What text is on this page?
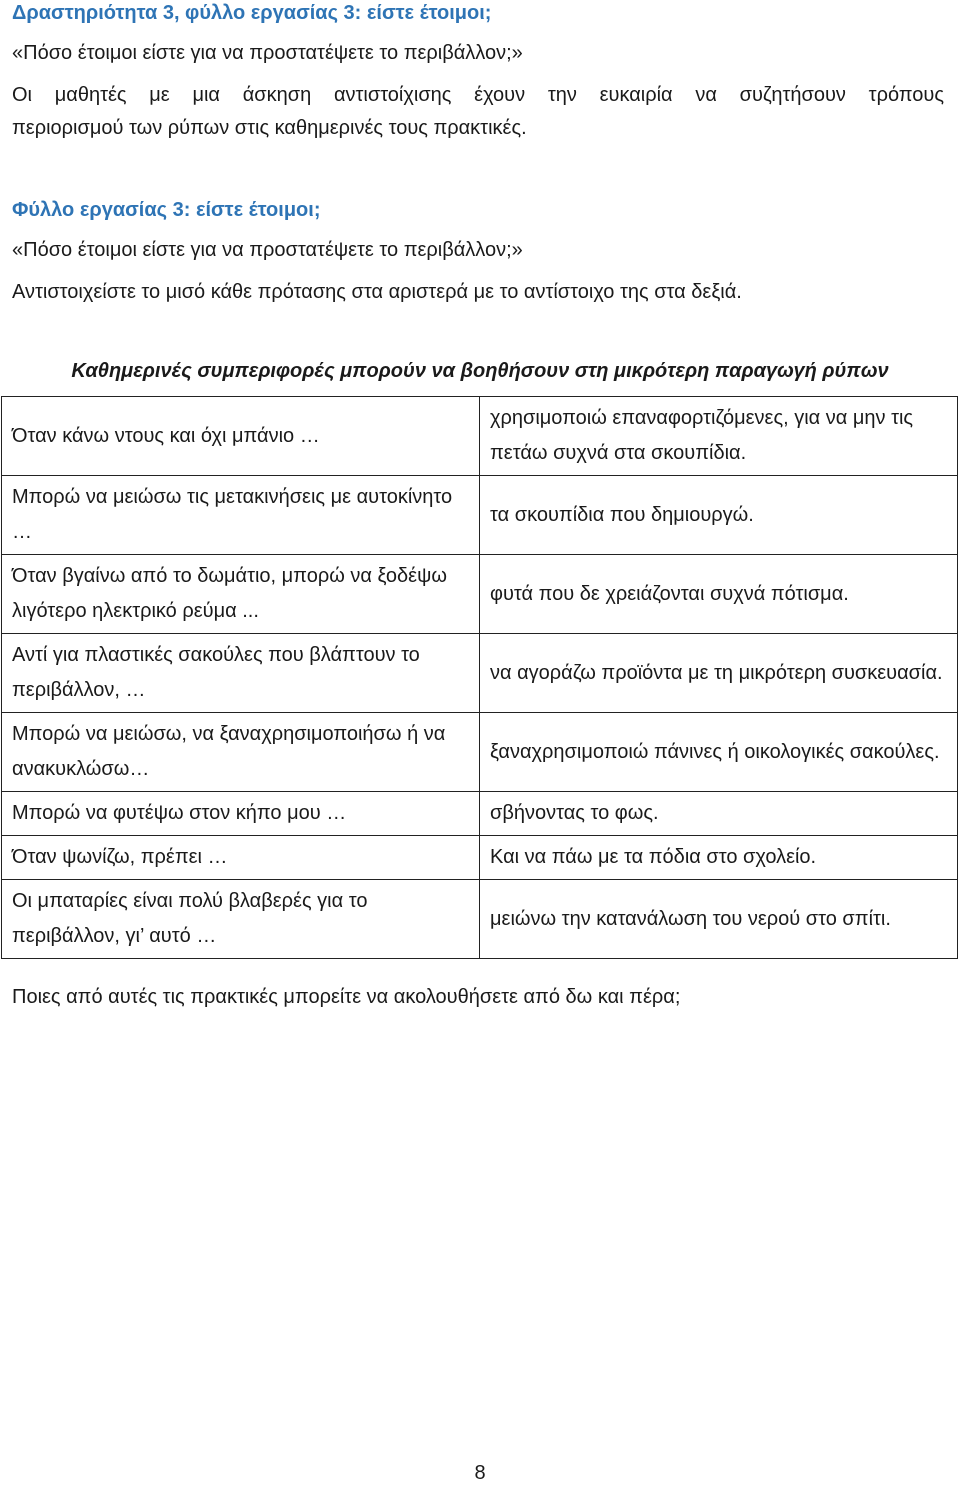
Δραστηριότητα 3, φύλλο εργασίας 3: είστε έτοιμοι;
«Πόσο έτοιμοι είστε για να προστατέψετε το περιβάλλον;»
Οι μαθητές με μια άσκηση αντιστοίχισης έχουν την ευκαιρία να συζητήσουν τρόπους
περιορισμού των ρύπων στις καθημερινές τους πρακτικές.
Φύλλο εργασίας 3: είστε έτοιμοι;
«Πόσο έτοιμοι είστε για να προστατέψετε το περιβάλλον;»
Αντιστοιχείστε το μισό κάθε πρότασης στα αριστερά με το αντίστοιχο της στα δεξιά.
Καθημερινές συμπεριφορές μπορούν να βοηθήσουν στη μικρότερη παραγωγή ρύπων
Όταν κάνω ντους και όχι μπάνιο …	χρησιμοποιώ επαναφορτιζόμενες, για να μην τις πετάω συχνά στα σκουπίδια.
Μπορώ να μειώσω τις μετακινήσεις με αυτοκίνητο …	τα σκουπίδια που δημιουργώ.
Όταν βγαίνω από το δωμάτιο, μπορώ να ξοδέψω λιγότερο ηλεκτρικό ρεύμα ...	φυτά που δε χρειάζονται συχνά πότισμα.
Αντί για πλαστικές σακούλες που βλάπτουν το περιβάλλον, …	να αγοράζω προϊόντα με τη μικρότερη συσκευασία.
Μπορώ να μειώσω, να ξαναχρησιμοποιήσω ή να ανακυκλώσω…	ξαναχρησιμοποιώ πάνινες ή οικολογικές σακούλες.
Μπορώ να φυτέψω στον κήπο μου …	σβήνοντας το φως.
Όταν ψωνίζω, πρέπει …	Και να πάω με τα πόδια στο σχολείο.
Οι μπαταρίες είναι πολύ βλαβερές για το περιβάλλον, γι’ αυτό …	μειώνω την κατανάλωση του νερού στο σπίτι.
Ποιες από αυτές τις πρακτικές μπορείτε να ακολουθήσετε από δω και πέρα;
8
